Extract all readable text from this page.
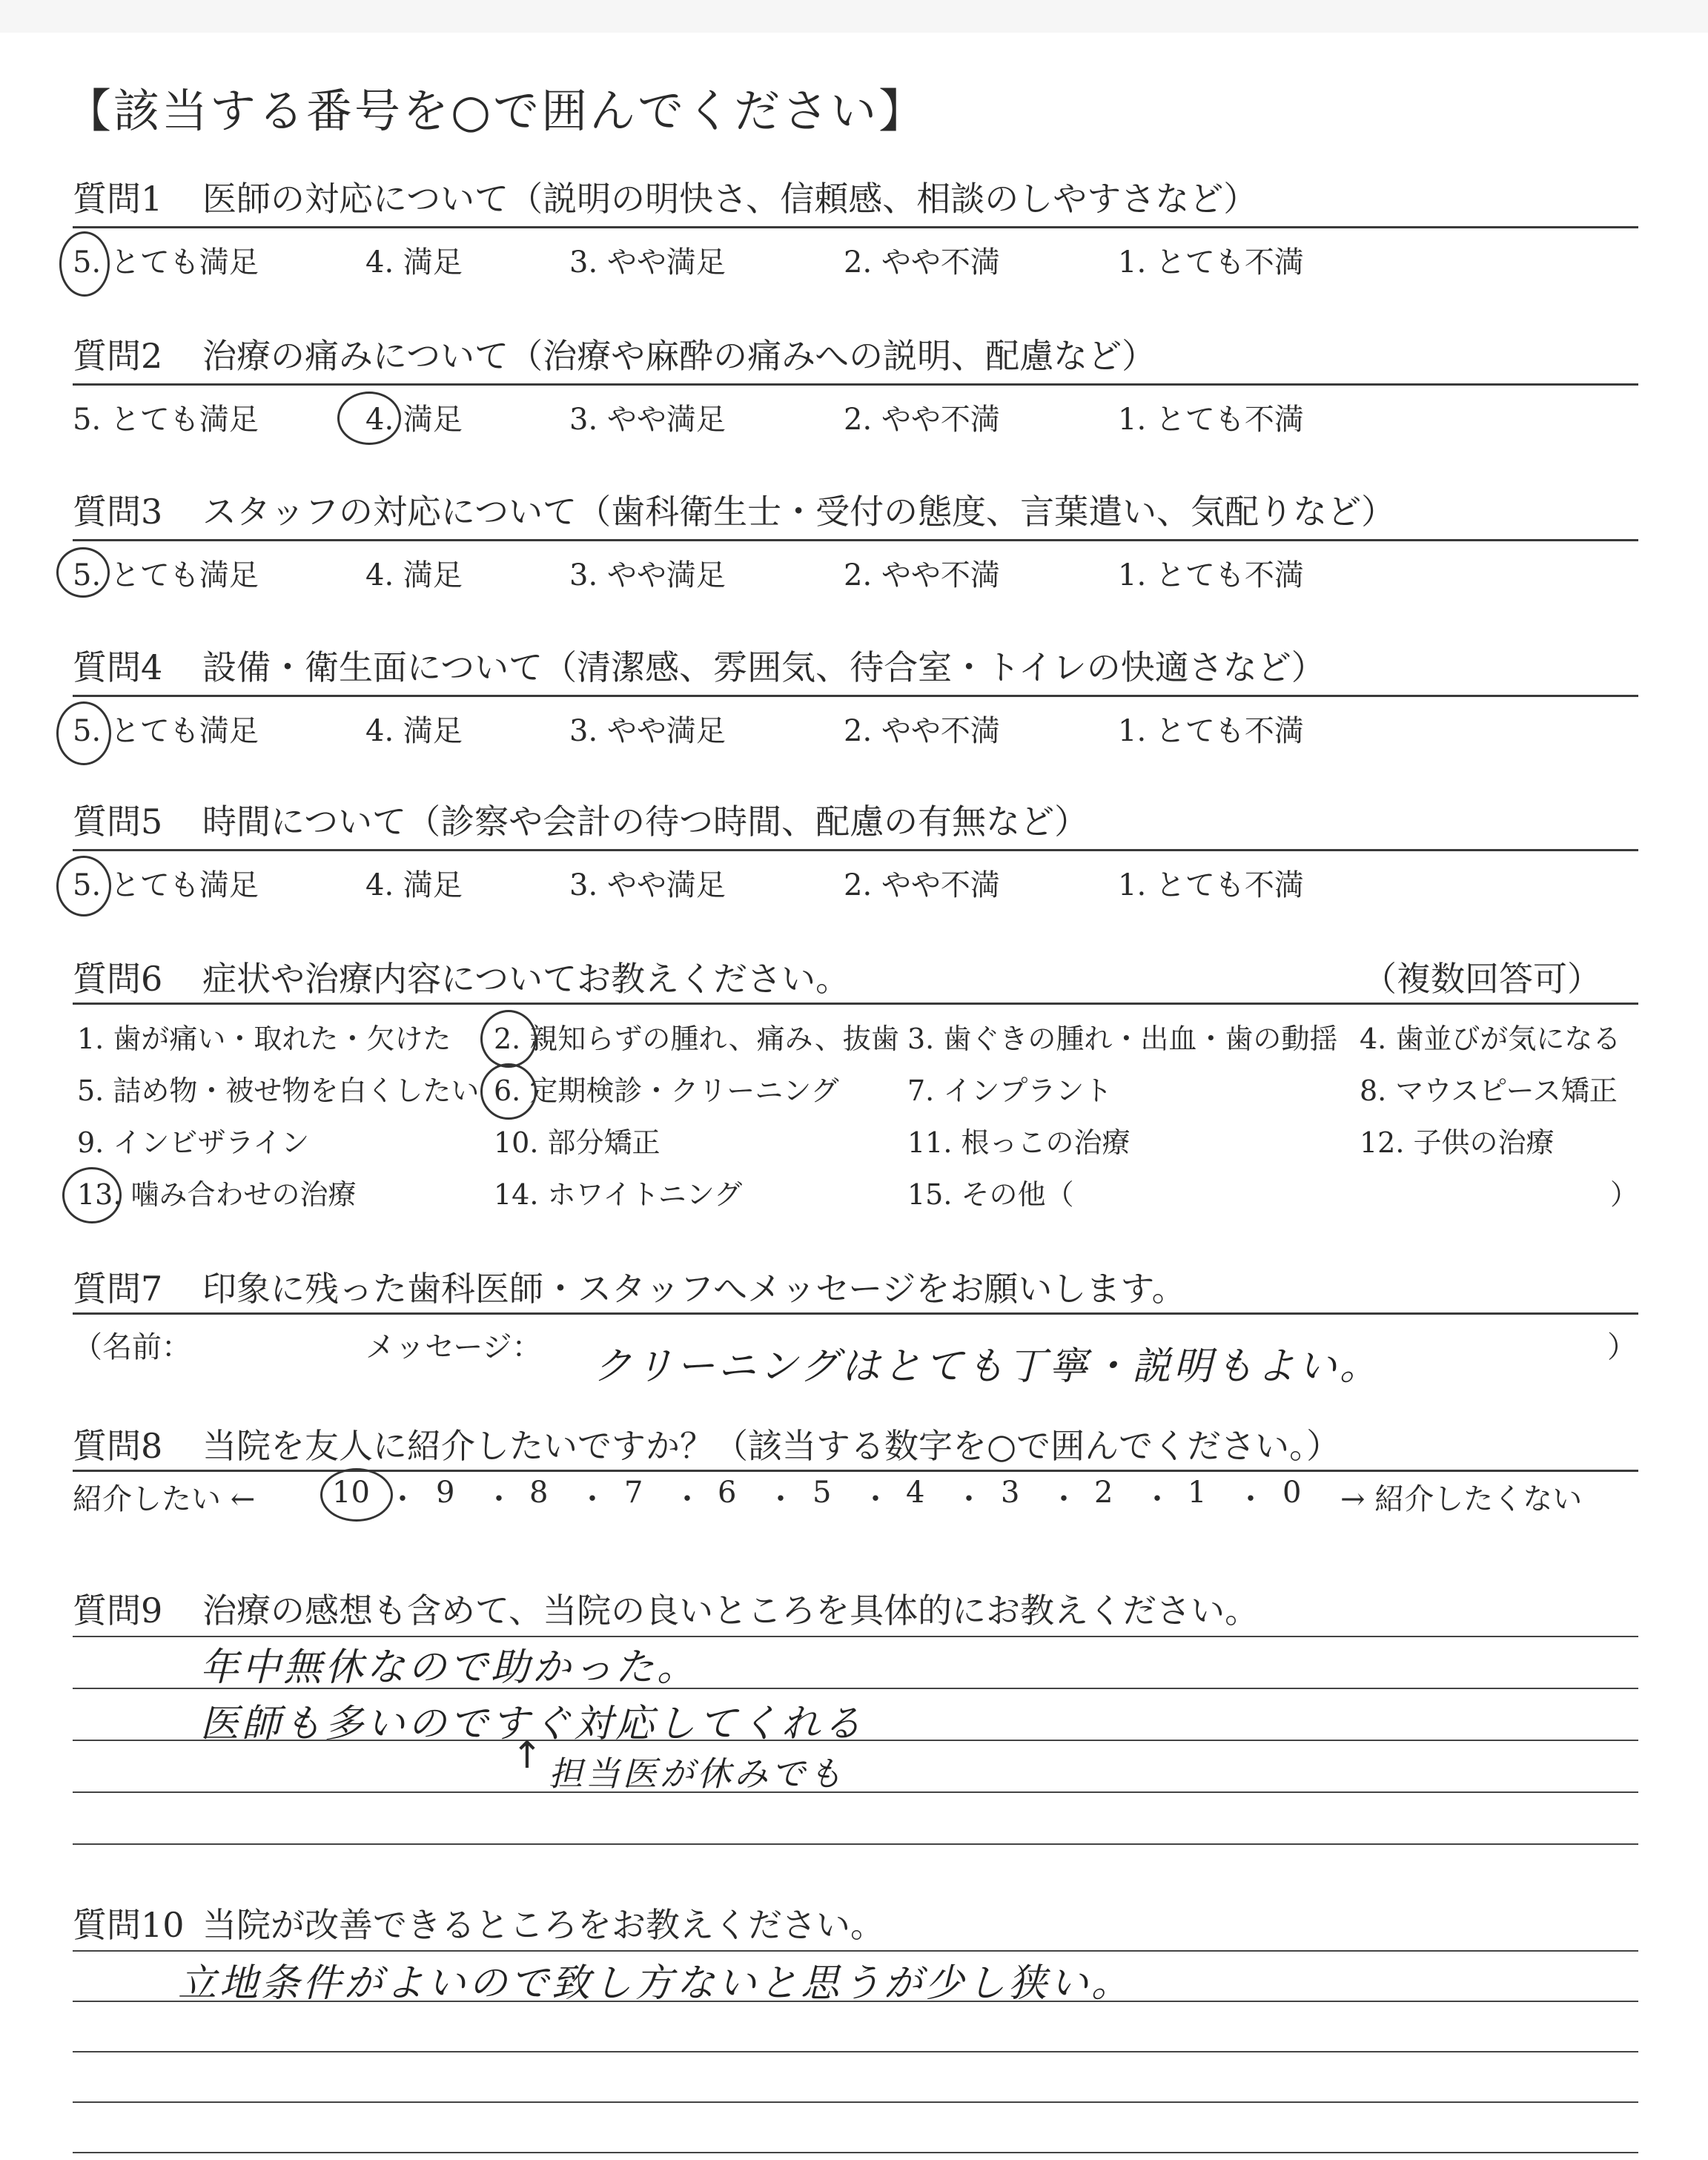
【該当する番号を○で囲んでください】
質問1 医師の対応について（説明の明快さ、信頼感、相談のしやすさなど）
5. とても満足	4. 満足	3. やや満足	2. やや不満	1. とても不満
質問2 治療の痛みについて（治療や麻酔の痛みへの説明、配慮など）
5. とても満足	4. 満足	3. やや満足	2. やや不満	1. とても不満
質問3 スタッフの対応について（歯科衛生士・受付の態度、言葉遣い、気配りなど）
5. とても満足	4. 満足	3. やや満足	2. やや不満	1. とても不満
質問4 設備・衛生面について（清潔感、雰囲気、待合室・トイレの快適さなど）
5. とても満足	4. 満足	3. やや満足	2. やや不満	1. とても不満
質問5 時間について（診察や会計の待つ時間、配慮の有無など）
5. とても満足	4. 満足	3. やや満足	2. やや不満	1. とても不満
質問6 症状や治療内容についてお教えください。	（複数回答可）
1. 歯が痛い・取れた・欠けた 2. 親知らずの腫れ、痛み、抜歯 3. 歯ぐきの腫れ・出血・歯の動揺 4. 歯並びが気になる
5. 詰め物・被せ物を白くしたい 6. 定期検診・クリーニング 7. インプラント	8. マウスピース矯正
9. インビザライン	10. 部分矯正	11. 根っこの治療	12. 子供の治療
13. 噛み合わせの治療	14. ホワイトニング	15. その他（	）
質問7 印象に残った歯科医師・スタッフへメッセージをお願いします。
（名前：	メッセージ：	）
クリーニングはとても丁寧・説明もよい。
質問8 当院を友人に紹介したいですか？（該当する数字を○で囲んでください。）
紹介したい ←	10 ・ 9 ・ 8 ・ 7 ・ 6 ・ 5 ・ 4 ・ 3 ・ 2 ・ 1 ・ 0 → 紹介したくない
質問9 治療の感想も含めて、当院の良いところを具体的にお教えください。
年中無休なので助かった。
医師も多いのですぐ対応してくれる
担当医が休みでも
↑
質問10 当院が改善できるところをお教えください。
立地条件がよいので致し方ないと思うが少し狭い。
